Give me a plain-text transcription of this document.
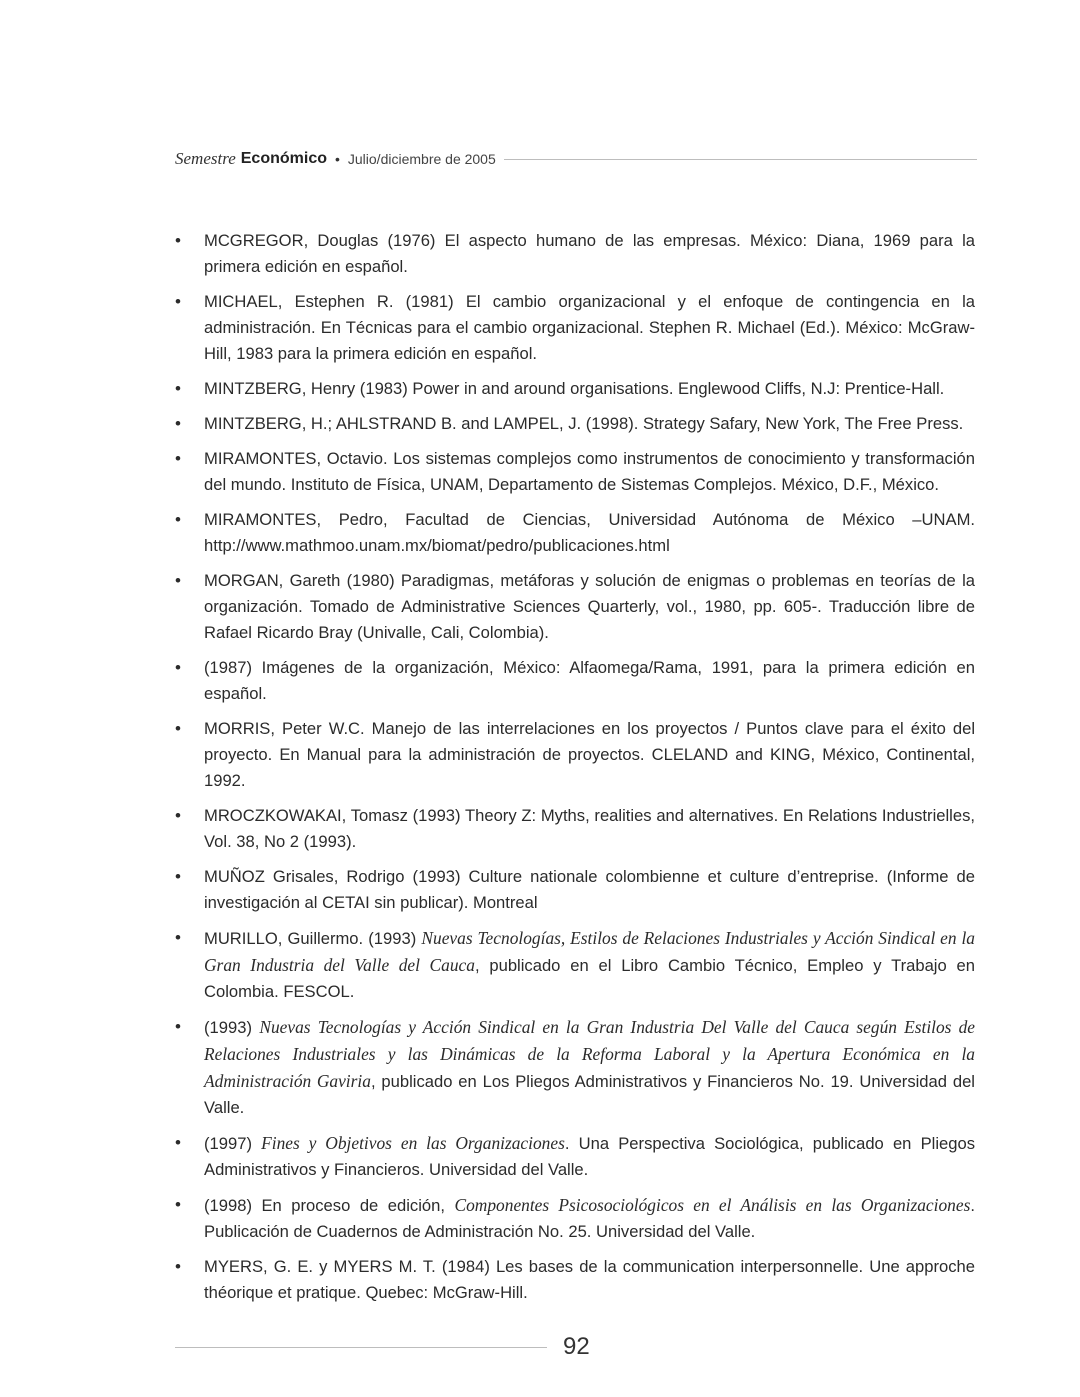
Semestre Económico • Julio/diciembre de 2005
• MCGREGOR, Douglas (1976) El aspecto humano de las empresas. México: Diana, 1969 para la primera edición en español.
• MICHAEL, Estephen R. (1981) El cambio organizacional y el enfoque de contingencia en la administración. En Técnicas para el cambio organizacional. Stephen R. Michael (Ed.). México: McGraw-Hill, 1983 para la primera edición en español.
• MINTZBERG, Henry (1983) Power in and around organisations. Englewood Cliffs, N.J: Prentice-Hall.
• MINTZBERG, H.; AHLSTRAND B. and LAMPEL, J. (1998). Strategy Safary, New York, The Free Press.
• MIRAMONTES, Octavio. Los sistemas complejos como instrumentos de conocimiento y transformación del mundo. Instituto de Física, UNAM, Departamento de Sistemas Complejos. México, D.F., México.
• MIRAMONTES, Pedro, Facultad de Ciencias, Universidad Autónoma de México –UNAM. http://www.mathmoo.unam.mx/biomat/pedro/publicaciones.html
• MORGAN, Gareth (1980) Paradigmas, metáforas y solución de enigmas o problemas en teorías de la organización. Tomado de Administrative Sciences Quarterly, vol., 1980, pp. 605-. Traducción libre de Rafael Ricardo Bray (Univalle, Cali, Colombia).
• (1987) Imágenes de la organización, México: Alfaomega/Rama, 1991, para la primera edición en español.
• MORRIS, Peter W.C. Manejo de las interrelaciones en los proyectos / Puntos clave para el éxito del proyecto. En Manual para la administración de proyectos. CLELAND and KING, México, Continental, 1992.
• MROCZKOWAKAI, Tomasz (1993) Theory Z: Myths, realities and alternatives. En Relations Industrielles, Vol. 38, No 2 (1993).
• MUÑOZ Grisales, Rodrigo (1993) Culture nationale colombienne et culture d’entreprise. (Informe de investigación al CETAI sin publicar). Montreal
• MURILLO, Guillermo. (1993) Nuevas Tecnologías, Estilos de Relaciones Industriales y Acción Sindical en la Gran Industria del Valle del Cauca, publicado en el Libro Cambio Técnico, Empleo y Trabajo en Colombia. FESCOL.
• (1993) Nuevas Tecnologías y Acción Sindical en la Gran Industria Del Valle del Cauca según Estilos de Relaciones Industriales y las Dinámicas de la Reforma Laboral y la Apertura Económica en la Administración Gaviria, publicado en Los Pliegos Administrativos y Financieros No. 19. Universidad del Valle.
• (1997) Fines y Objetivos en las Organizaciones. Una Perspectiva Sociológica, publicado en Pliegos Administrativos y Financieros. Universidad del Valle.
• (1998) En proceso de edición, Componentes Psicosociológicos en el Análisis en las Organizaciones. Publicación de Cuadernos de Administración No. 25. Universidad del Valle.
• MYERS, G. E. y MYERS M. T. (1984) Les bases de la communication interpersonnelle. Une approche théorique et pratique. Quebec: McGraw-Hill.
92
